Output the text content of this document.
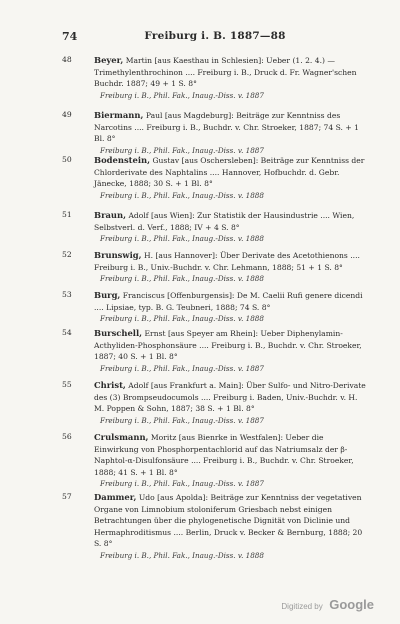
74	Freiburg i. B. 1887—88
48	Beyer, Martin [aus Kaesthau in Schlesien]: Ueber (1. 2. 4.) — Trimethylenthrochinon .... Freiburg i. B., Druck d. Fr. Wagner'schen Buchdr. 1887; 49 + 1 S. 8°
Freiburg i. B., Phil. Fak., Inaug.-Diss. v. 1887
49	Biermann, Paul [aus Magdeburg]: Beiträge zur Kenntniss des Narcotins .... Freiburg i. B., Buchdr. v. Chr. Stroeker, 1887; 74 S. + 1 Bl. 8°
Freiburg i. B., Phil. Fak., Inaug.-Diss. v. 1887
50	Bodenstein, Gustav [aus Oschersleben]: Beiträge zur Kenntniss der Chlorderivate des Naphtalins .... Hannover, Hofbuchdr. d. Gebr. Jänecke, 1888; 30 S. + 1 Bl. 8°
Freiburg i. B., Phil. Fak., Inaug.-Diss. v. 1888
51	Braun, Adolf [aus Wien]: Zur Statistik der Hausindustrie .... Wien, Selbstverl. d. Verf., 1888; IV + 4 S. 8°
Freiburg i. B., Phil. Fak., Inaug.-Diss. v. 1888
52	Brunswig, H. [aus Hannover]: Über Derivate des Acetothienons .... Freiburg i. B., Univ.-Buchdr. v. Chr. Lehmann, 1888; 51 + 1 S. 8°
Freiburg i. B., Phil. Fak., Inaug.-Diss. v. 1888
53	Burg, Franciscus [Offenburgensis]: De M. Caelii Rufi genere dicendi .... Lipsiae, typ. B. G. Teubneri, 1888; 74 S. 8°
Freiburg i. B., Phil. Fak., Inaug.-Diss. v. 1888
54	Burschell, Ernst [aus Speyer am Rhein]: Ueber Diphenylamin-Acthyliden-Phosphonsäure .... Freiburg i. B., Buchdr. v. Chr. Stroeker, 1887; 40 S. + 1 Bl. 8°
Freiburg i. B., Phil. Fak., Inaug.-Diss. v. 1887
55	Christ, Adolf [aus Frankfurt a. Main]: Über Sulfo- und Nitro-Derivate des (3) Brompseudocumols .... Freiburg i. Baden, Univ.-Buchdr. v. H. M. Poppen & Sohn, 1887; 38 S. + 1 Bl. 8°
Freiburg i. B., Phil. Fak., Inaug.-Diss. v. 1887
56	Crulsmann, Moritz [aus Bienrke in Westfalen]: Ueber die Einwirkung von Phosphorpentachlorid auf das Natriumsalz der β-Naphtol-α-Disulfonsäure .... Freiburg i. B., Buchdr. v. Chr. Stroeker, 1888; 41 S. + 1 Bl. 8°
Freiburg i. B., Phil. Fak., Inaug.-Diss. v. 1887
57	Dammer, Udo [aus Apolda]: Beiträge zur Kenntniss der vegetativen Organe von Limnobium stoloniferum Griesbach nebst einigen Betrachtungen über die phylogenetische Dignität von Diclinie und Hermaphroditismus .... Berlin, Druck v. Becker & Bernburg, 1888; 20 S. 8°
Freiburg i. B., Phil. Fak., Inaug.-Diss. v. 1888
Digitized by Google
